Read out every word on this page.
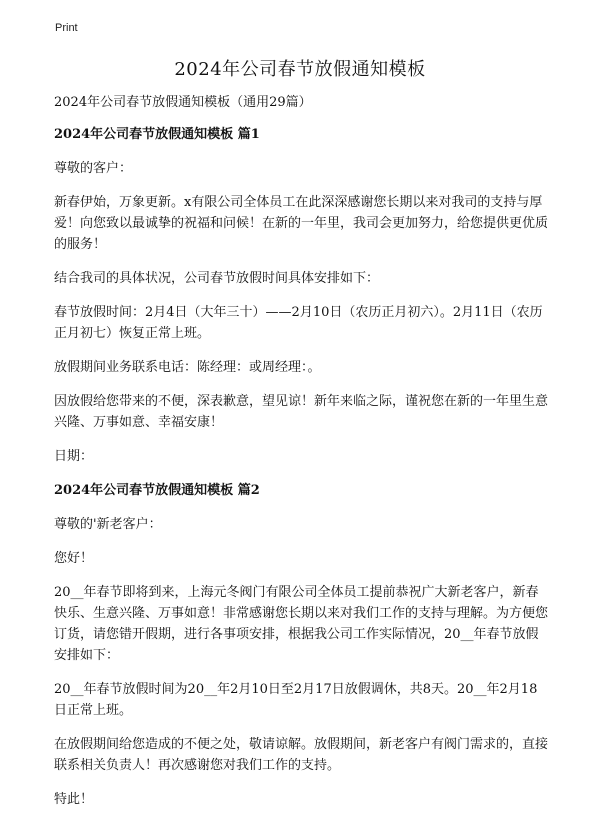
Print
2024年公司春节放假通知模板

2024年公司春节放假通知模板（通用29篇）

2024年公司春节放假通知模板 篇1

尊敬的客户：

新春伊始，万象更新。x有限公司全体员工在此深深感谢您长期以来对我司的支持与厚爱！向您致以最诚挚的祝福和问候！在新的一年里，我司会更加努力，给您提供更优质的服务！

结合我司的具体状况，公司春节放假时间具体安排如下：

春节放假时间：2月4日（大年三十）——2月10日（农历正月初六）。2月11日（农历正月初七）恢复正常上班。

放假期间业务联系电话：陈经理：或周经理：。

因放假给您带来的不便，深表歉意，望见谅！新年来临之际，谨祝您在新的一年里生意兴隆、万事如意、幸福安康！

日期：

2024年公司春节放假通知模板 篇2

尊敬的'新老客户：

您好！

20__年春节即将到来，上海元冬阀门有限公司全体员工提前恭祝广大新老客户，新春快乐、生意兴隆、万事如意！非常感谢您长期以来对我们工作的支持与理解。为方便您订货，请您错开假期，进行各事项安排，根据我公司工作实际情况，20__年春节放假安排如下：

20__年春节放假时间为20__年2月10日至2月17日放假调休，共8天。20__年2月18日正常上班。

在放假期间给您造成的不便之处，敬请谅解。放假期间，新老客户有阀门需求的，直接联系相关负责人！再次感谢您对我们工作的支持。

特此！
